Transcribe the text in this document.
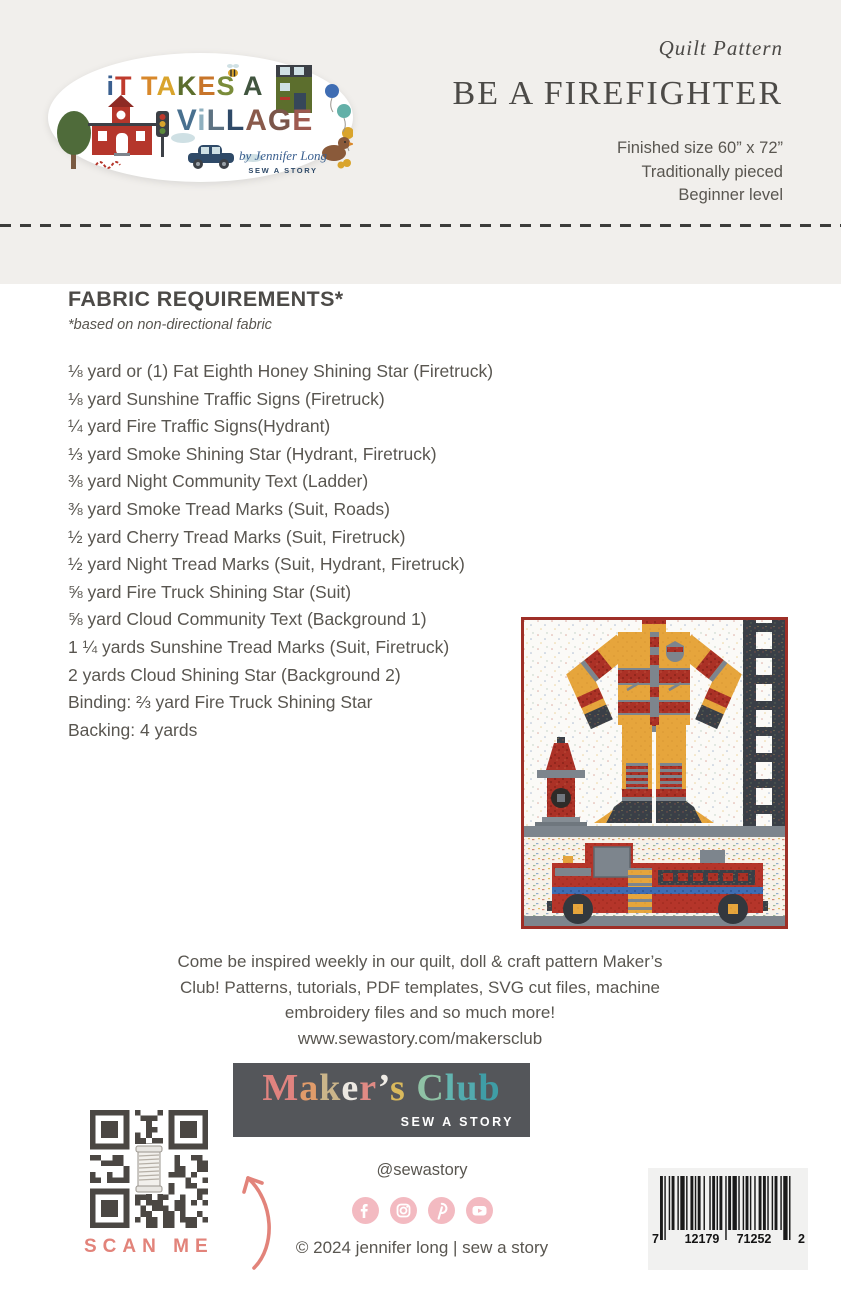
iT TAKES A
ViLLAGE
by Jennifer Long
SEW A STORY
Quilt Pattern
BE A FIREFIGHTER
Finished size 60” x 72”
Traditionally pieced
Beginner level
FABRIC REQUIREMENTS*
*based on non-directional fabric
⅛ yard or (1) Fat Eighth Honey Shining Star (Firetruck)
⅛ yard Sunshine Traffic Signs (Firetruck)
¼ yard Fire Traffic Signs(Hydrant)
⅓ yard Smoke Shining Star (Hydrant, Firetruck)
⅜ yard Night Community Text (Ladder)
⅜ yard Smoke Tread Marks (Suit, Roads)
½ yard Cherry Tread Marks (Suit, Firetruck)
½ yard Night Tread Marks (Suit, Hydrant, Firetruck)
⅝ yard Fire Truck Shining Star (Suit)
⅝ yard Cloud Community Text (Background 1)
1 ¼ yards Sunshine Tread Marks (Suit, Firetruck)
2 yards Cloud Shining Star (Background 2)
Binding: ⅔ yard Fire Truck Shining Star
Backing: 4 yards
Come be inspired weekly in our quilt, doll & craft pattern Maker’s
Club! Patterns, tutorials, PDF templates, SVG cut files, machine
embroidery files and so much more!
www.sewastory.com/makersclub
Maker’s Club
SEW A STORY
SCAN ME
@sewastory
© 2024 jennifer long | sew a story	7	12179	71252	2
